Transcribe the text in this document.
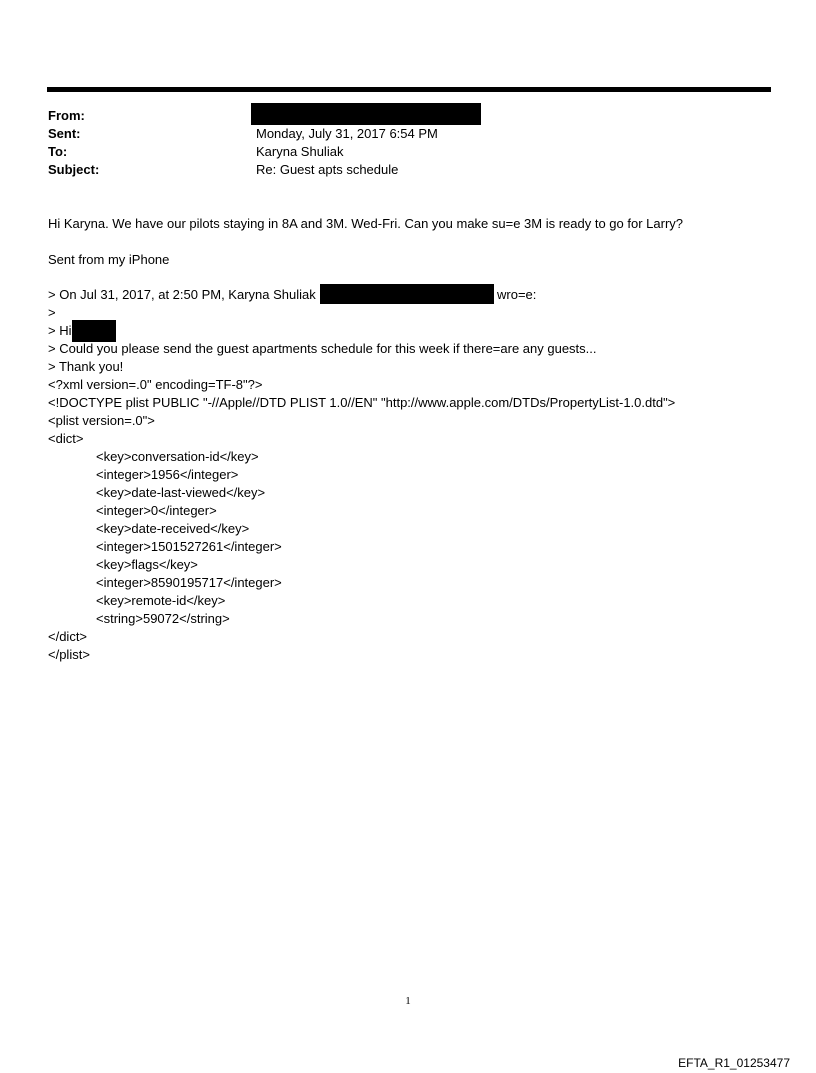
From:
Sent:	Monday, July 31, 2017 6:54 PM
To:	Karyna Shuliak
Subject:	Re: Guest apts schedule
Hi Karyna. We have our pilots staying in 8A and 3M. Wed-Fri. Can you make su=e 3M is ready to go for Larry?
Sent from my iPhone
> On Jul 31, 2017, at 2:50 PM, Karyna Shuliak	wro=e:
>
> Hi
> Could you please send the guest apartments schedule for this week if there=are any guests...
> Thank you!
<?xml version=.0" encoding=TF-8"?>
<!DOCTYPE plist PUBLIC "-//Apple//DTD PLIST 1.0//EN" "http://www.apple.com/DTDs/PropertyList-1.0.dtd">
<plist version=.0">
<dict>
<key>conversation-id</key>
<integer>1956</integer>
<key>date-last-viewed</key>
<integer>0</integer>
<key>date-received</key>
<integer>1501527261</integer>
<key>flags</key>
<integer>8590195717</integer>
<key>remote-id</key>
<string>59072</string>
</dict>
</plist>
1
EFTA_R1_01253477
